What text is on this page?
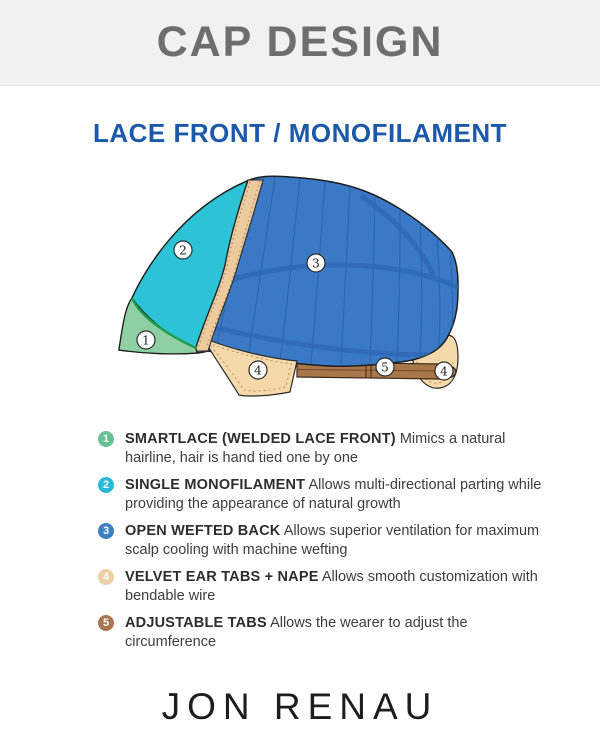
CAP DESIGN
LACE FRONT / MONOFILAMENT
1
2
3
4	5	4
1	SMARTLACE (WELDED LACE FRONT) Mimics a natural hairline, hair is hand tied one by one
2	SINGLE MONOFILAMENT Allows multi-directional parting while providing the appearance of natural growth
3	OPEN WEFTED BACK Allows superior ventilation for maximum scalp cooling with machine wefting
4	VELVET EAR TABS + NAPE Allows smooth customization with bendable wire
5	ADJUSTABLE TABS Allows the wearer to adjust the circumference
JON RENAU
